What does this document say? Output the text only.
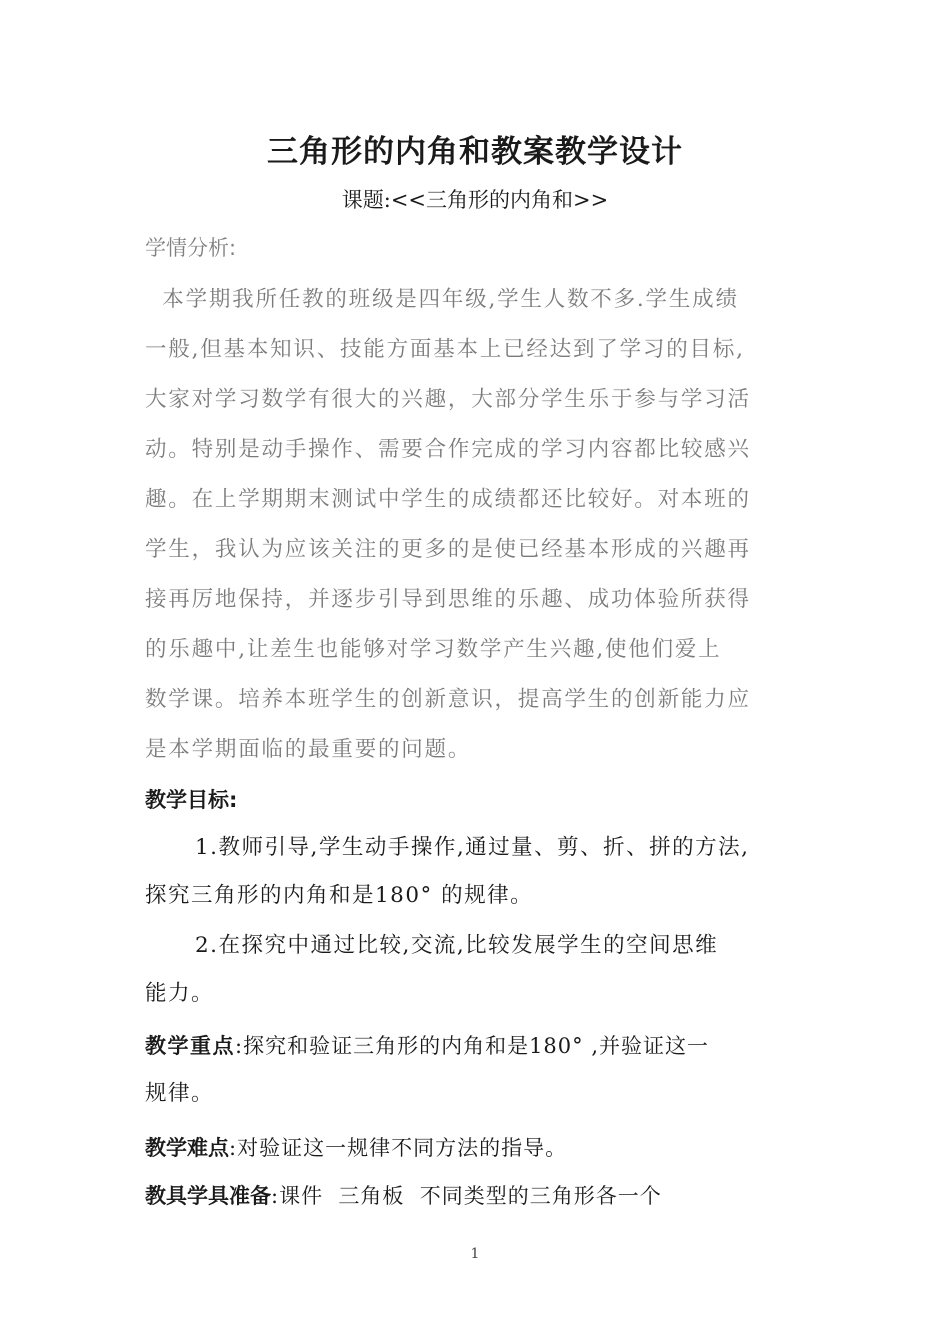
三角形的内角和教案教学设计
课题:<<三角形的内角和>>
学情分析:
本学期我所任教的班级是四年级,学生人数不多.学生成绩
一般,但基本知识、技能方面基本上已经达到了学习的目标,
大家对学习数学有很大的兴趣，大部分学生乐于参与学习活
动。特别是动手操作、需要合作完成的学习内容都比较感兴
趣。在上学期期末测试中学生的成绩都还比较好。对本班的
学生，我认为应该关注的更多的是使已经基本形成的兴趣再
接再厉地保持，并逐步引导到思维的乐趣、成功体验所获得
的乐趣中,让差生也能够对学习数学产生兴趣,使他们爱上
数学课。培养本班学生的创新意识，提高学生的创新能力应
是本学期面临的最重要的问题。
教学目标:
1.教师引导,学生动手操作,通过量、剪、折、拼的方法,
探究三角形的内角和是180° 的规律。
2.在探究中通过比较,交流,比较发展学生的空间思维
能力。
教学重点:探究和验证三角形的内角和是180° ,并验证这一
规律。
教学难点:对验证这一规律不同方法的指导。
教具学具准备:课件  三角板  不同类型的三角形各一个
1
